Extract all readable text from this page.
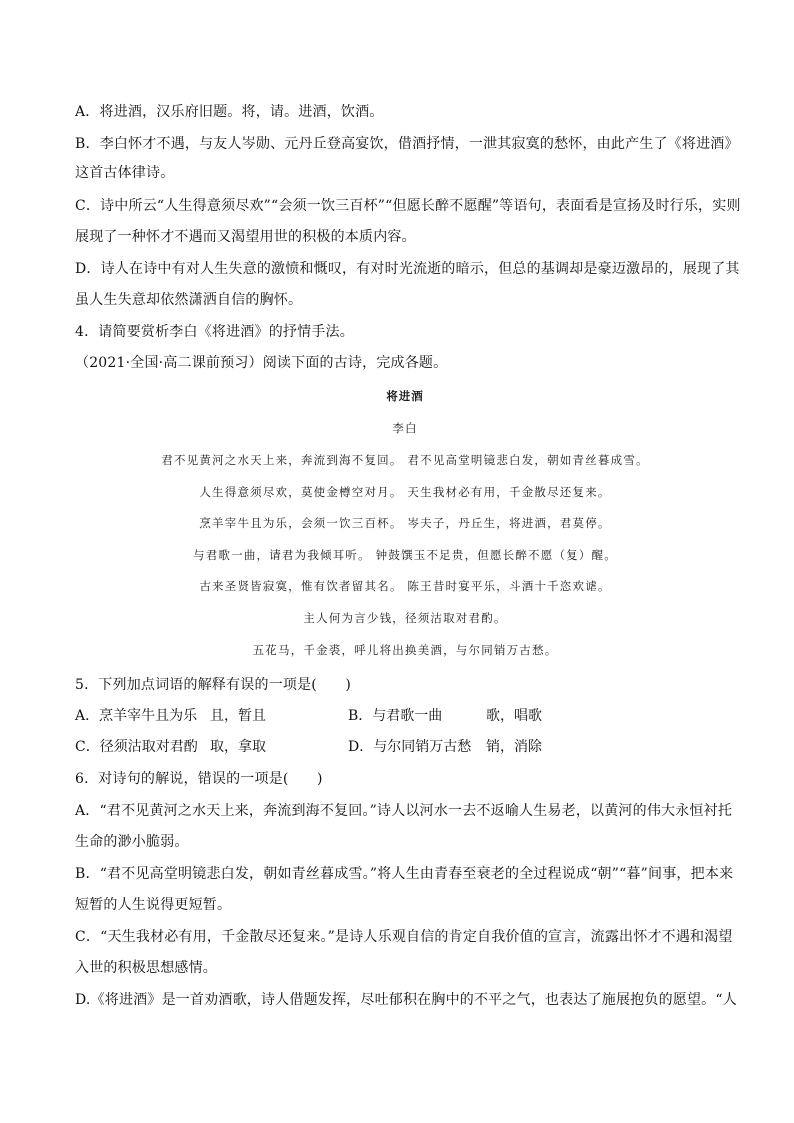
A．将进酒，汉乐府旧题。将，请。进酒，饮酒。
B．李白怀才不遇，与友人岑勋、元丹丘登高宴饮，借酒抒情，一泄其寂寞的愁怀，由此产生了《将进酒》
这首古体律诗。
C．诗中所云“人生得意须尽欢”“会须一饮三百杯”“但愿长醉不愿醒”等语句，表面看是宣扬及时行乐，实则
展现了一种怀才不遇而又渴望用世的积极的本质内容。
D．诗人在诗中有对人生失意的激愤和慨叹，有对时光流逝的暗示，但总的基调却是豪迈激昂的，展现了其
虽人生失意却依然潇洒自信的胸怀。
4．请简要赏析李白《将进酒》的抒情手法。
（2021·全国·高二课前预习）阅读下面的古诗，完成各题。
将进酒
李白
君不见黄河之水天上来，奔流到海不复回。 君不见高堂明镜悲白发，朝如青丝暮成雪。
人生得意须尽欢，莫使金樽空对月。 天生我材必有用，千金散尽还复来。
烹羊宰牛且为乐，会须一饮三百杯。 岑夫子，丹丘生，将进酒，君莫停。
与君歌一曲，请君为我倾耳听。 钟鼓馔玉不足贵，但愿长醉不愿（复）醒。
古来圣贤皆寂寞，惟有饮者留其名。 陈王昔时宴平乐，斗酒十千恣欢谑。
主人何为言少钱，径须沽取对君酌。
五花马，千金裘，呼儿将出换美酒，与尔同销万古愁。
5．下列加点词语的解释有误的一项是(　　)
A．烹羊宰牛且为乐 且，暂且	B．与君歌一曲	歌，唱歌
C．径须沽取对君酌 取，拿取	D．与尔同销万古愁 销，消除
6．对诗句的解说，错误的一项是(　　)
A．“君不见黄河之水天上来，奔流到海不复回。”诗人以河水一去不返喻人生易老，以黄河的伟大永恒衬托
生命的渺小脆弱。
B．“君不见高堂明镜悲白发，朝如青丝暮成雪。”将人生由青春至衰老的全过程说成“朝”“暮”间事，把本来
短暂的人生说得更短暂。
C．“天生我材必有用，千金散尽还复来。”是诗人乐观自信的肯定自我价值的宣言，流露出怀才不遇和渴望
入世的积极思想感情。
D.《将进酒》是一首劝酒歌，诗人借题发挥，尽吐郁积在胸中的不平之气，也表达了施展抱负的愿望。“人
